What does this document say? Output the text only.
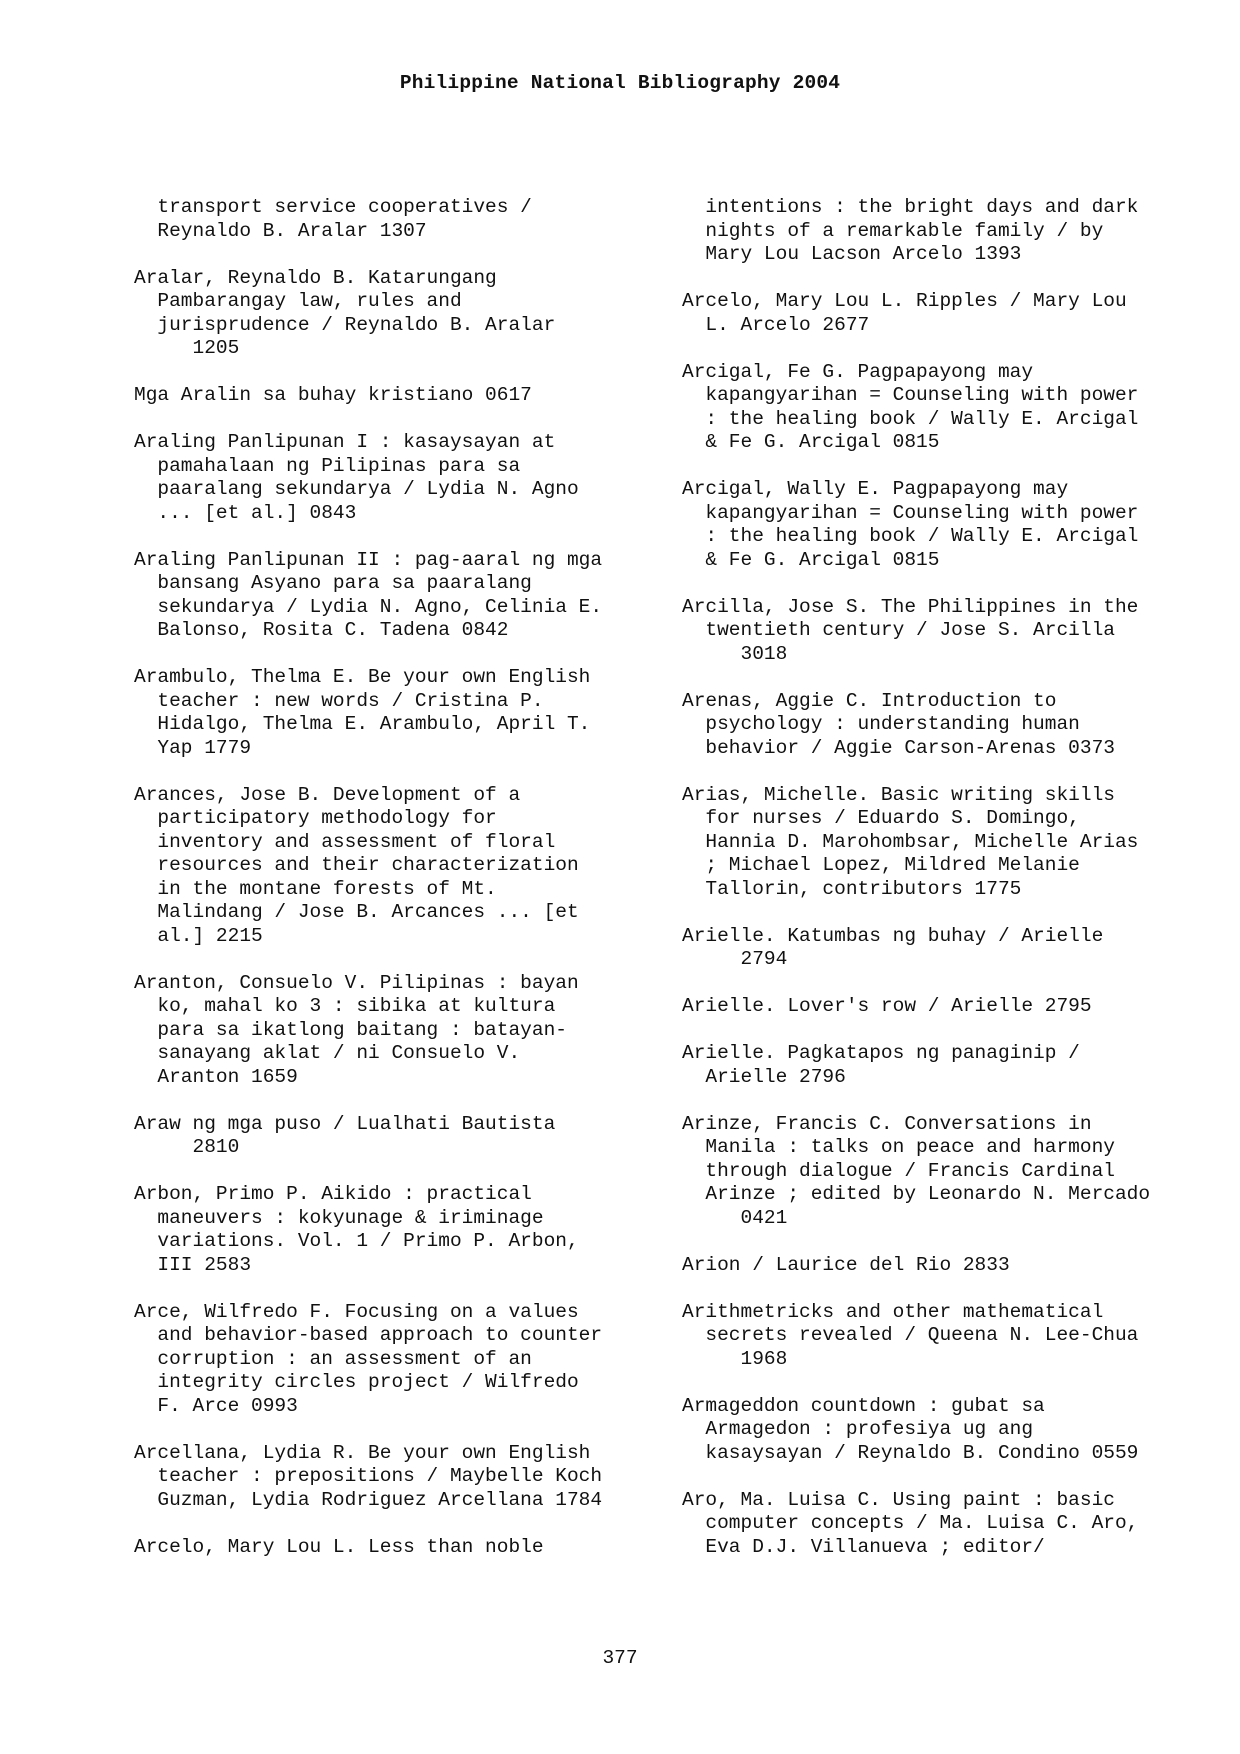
Philippine National Bibliography 2004
transport service cooperatives /
Reynaldo B. Aralar 1307
Aralar, Reynaldo B. Katarungang
Pambarangay law, rules and
jurisprudence / Reynaldo B. Aralar
1205
Mga Aralin sa buhay kristiano 0617
Araling Panlipunan I : kasaysayan at
pamahalaan ng Pilipinas para sa
paaralang sekundarya / Lydia N. Agno
... [et al.] 0843
Araling Panlipunan II : pag-aaral ng mga
bansang Asyano para sa paaralang
sekundarya / Lydia N. Agno, Celinia E.
Balonso, Rosita C. Tadena 0842
Arambulo, Thelma E. Be your own English
teacher : new words / Cristina P.
Hidalgo, Thelma E. Arambulo, April T.
Yap 1779
Arances, Jose B. Development of a
participatory methodology for
inventory and assessment of floral
resources and their characterization
in the montane forests of Mt.
Malindang / Jose B. Arcances ... [et
al.] 2215
Aranton, Consuelo V. Pilipinas : bayan
ko, mahal ko 3 : sibika at kultura
para sa ikatlong baitang : batayan-
sanayang aklat / ni Consuelo V.
Aranton 1659
Araw ng mga puso / Lualhati Bautista
2810
Arbon, Primo P. Aikido : practical
maneuvers : kokyunage & iriminage
variations. Vol. 1 / Primo P. Arbon,
III 2583
Arce, Wilfredo F. Focusing on a values
and behavior-based approach to counter
corruption : an assessment of an
integrity circles project / Wilfredo
F. Arce 0993
Arcellana, Lydia R. Be your own English
teacher : prepositions / Maybelle Koch
Guzman, Lydia Rodriguez Arcellana 1784
Arcelo, Mary Lou L. Less than noble
intentions : the bright days and dark
nights of a remarkable family / by
Mary Lou Lacson Arcelo 1393
Arcelo, Mary Lou L. Ripples / Mary Lou
L. Arcelo 2677
Arcigal, Fe G. Pagpapayong may
kapangyarihan = Counseling with power
: the healing book / Wally E. Arcigal
& Fe G. Arcigal 0815
Arcigal, Wally E. Pagpapayong may
kapangyarihan = Counseling with power
: the healing book / Wally E. Arcigal
& Fe G. Arcigal 0815
Arcilla, Jose S. The Philippines in the
twentieth century / Jose S. Arcilla
3018
Arenas, Aggie C. Introduction to
psychology : understanding human
behavior / Aggie Carson-Arenas 0373
Arias, Michelle. Basic writing skills
for nurses / Eduardo S. Domingo,
Hannia D. Marohombsar, Michelle Arias
; Michael Lopez, Mildred Melanie
Tallorin, contributors 1775
Arielle. Katumbas ng buhay / Arielle
2794
Arielle. Lover's row / Arielle 2795
Arielle. Pagkatapos ng panaginip /
Arielle 2796
Arinze, Francis C. Conversations in
Manila : talks on peace and harmony
through dialogue / Francis Cardinal
Arinze ; edited by Leonardo N. Mercado
0421
Arion / Laurice del Rio 2833
Arithmetricks and other mathematical
secrets revealed / Queena N. Lee-Chua
1968
Armageddon countdown : gubat sa
Armagedon : profesiya ug ang
kasaysayan / Reynaldo B. Condino 0559
Aro, Ma. Luisa C. Using paint : basic
computer concepts / Ma. Luisa C. Aro,
Eva D.J. Villanueva ; editor/
377
